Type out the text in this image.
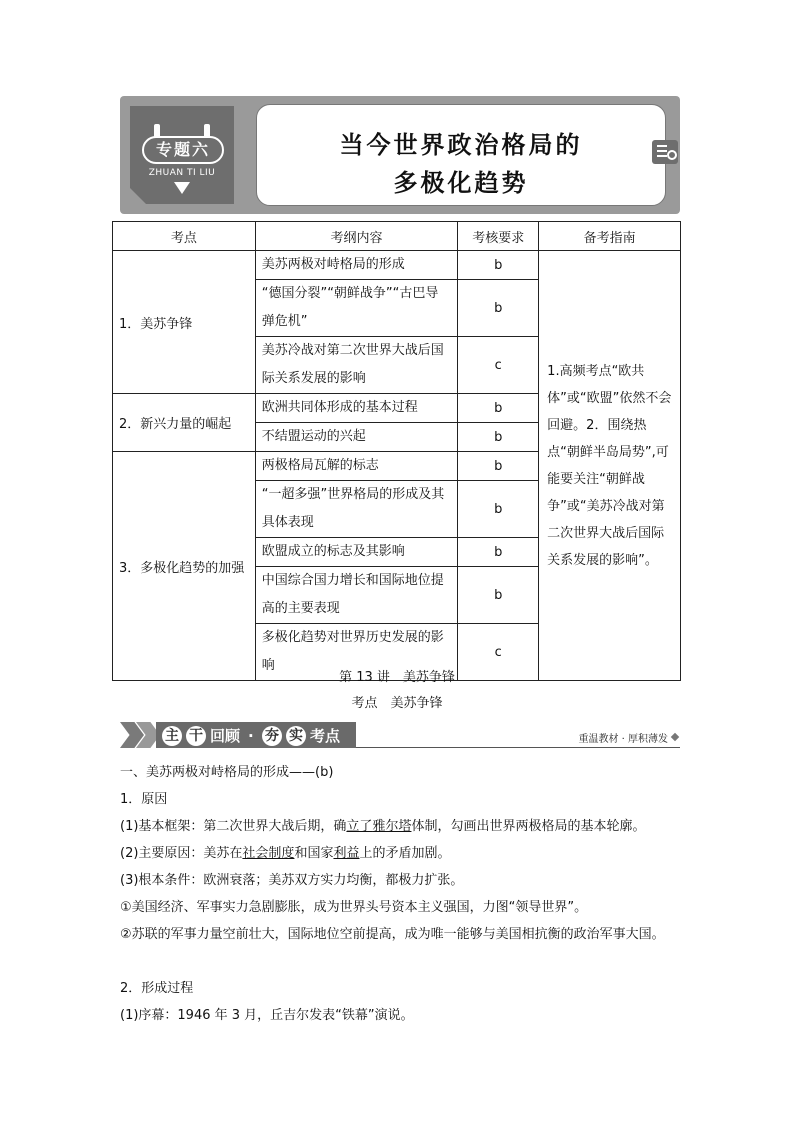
专题六
ZHUAN TI LIU
当今世界政治格局的
多极化趋势
考点	考纲内容	考核要求	备考指南
1．美苏争锋	美苏两极对峙格局的形成	b	1.高频考点“欧共体”或“欧盟”依然不会回避。2．围绕热点“朝鲜半岛局势”,可能要关注“朝鲜战争”或“美苏冷战对第二次世界大战后国际关系发展的影响”。
	“德国分裂”“朝鲜战争”“古巴导弹危机”	b	
	美苏冷战对第二次世界大战后国际关系发展的影响	c	
2．新兴力量的崛起	欧洲共同体形成的基本过程	b	
	不结盟运动的兴起	b	
3．多极化趋势的加强	两极格局瓦解的标志	b	
	“一超多强”世界格局的形成及其具体表现	b	
	欧盟成立的标志及其影响	b	
	中国综合国力增长和国际地位提高的主要表现	b	
	多极化趋势对世界历史发展的影响	c	
第 13 讲　美苏争锋
考点　美苏争锋
主 干 回顾 · 夯 实 考点	重温教材 · 厚积薄发
一、美苏两极对峙格局的形成——(b)
1．原因
(1)基本框架：第二次世界大战后期，确立了雅尔塔体制，勾画出世界两极格局的基本轮廓。
(2)主要原因：美苏在社会制度和国家利益上的矛盾加剧。
(3)根本条件：欧洲衰落；美苏双方实力均衡，都极力扩张。
①美国经济、军事实力急剧膨胀，成为世界头号资本主义强国，力图“领导世界”。
②苏联的军事力量空前壮大，国际地位空前提高，成为唯一能够与美国相抗衡的政治军事大国。
2．形成过程
(1)序幕：1946 年 3 月，丘吉尔发表“铁幕”演说。
